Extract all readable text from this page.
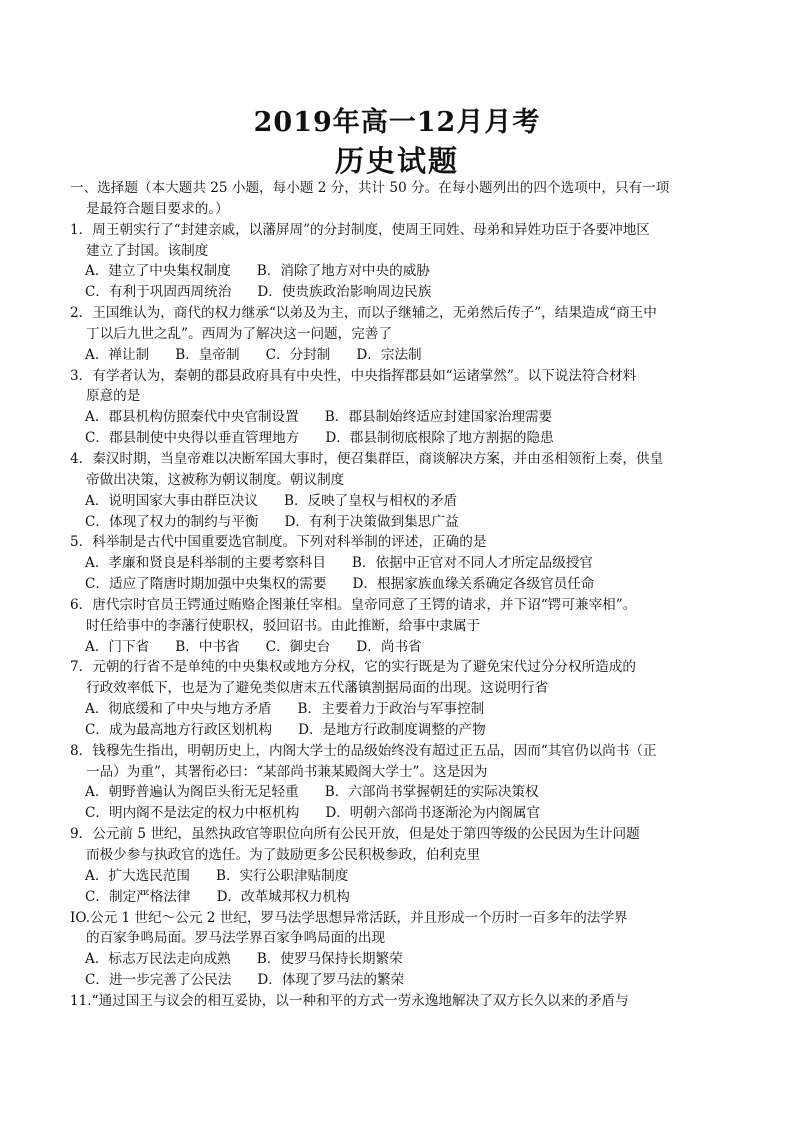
2019年高一12月月考
历史试题
一、选择题（本大题共 25 小题，每小题 2 分，共计 50 分。在每小题列出的四个选项中，只有一项
是最符合题目要求的。）
1．周王朝实行了“封建亲戚，以藩屏周”的分封制度，使周王同姓、母弟和异姓功臣于各要冲地区
建立了封国。该制度
A．建立了中央集权制度 B．消除了地方对中央的威胁
C．有利于巩固西周统治 D．使贵族政治影响周边民族
2．王国维认为，商代的权力继承“以弟及为主，而以子继辅之，无弟然后传子”，结果造成“商王中
丁以后九世之乱”。西周为了解决这一问题，完善了
A．禅让制 B．皇帝制 C．分封制 D．宗法制
3．有学者认为，秦朝的郡县政府具有中央性，中央指挥郡县如“运诸掌然”。以下说法符合材料
原意的是
A．郡县机构仿照秦代中央官制设置 B．郡县制始终适应封建国家治理需要
C．郡县制使中央得以垂直管理地方 D．郡县制彻底根除了地方割据的隐患
4．秦汉时期，当皇帝难以决断军国大事时，便召集群臣，商谈解决方案，并由丞相领衔上奏，供皇
帝做出决策，这被称为朝议制度。朝议制度
A．说明国家大事由群臣决议 B．反映了皇权与相权的矛盾
C．体现了权力的制约与平衡 D．有利于决策做到集思广益
5．科举制是古代中国重要选官制度。下列对科举制的评述，正确的是
A．孝廉和贤良是科举制的主要考察科目 B．依据中正官对不同人才所定品级授官
C．适应了隋唐时期加强中央集权的需要 D．根据家族血缘关系确定各级官员任命
6．唐代宗时官员王锷通过贿赂企图兼任宰相。皇帝同意了王锷的请求，并下诏“锷可兼宰相”。
时任给事中的李藩行使职权，驳回诏书。由此推断，给事中隶属于
A．门下省 B．中书省 C．御史台 D．尚书省
7．元朝的行省不是单纯的中央集权或地方分权，它的实行既是为了避免宋代过分分权所造成的
行政效率低下，也是为了避免类似唐末五代藩镇割据局面的出现。这说明行省
A．彻底缓和了中央与地方矛盾 B．主要着力于政治与军事控制
C．成为最高地方行政区划机构 D．是地方行政制度调整的产物
8．钱穆先生指出，明朝历史上，内阁大学士的品级始终没有超过正五品，因而“其官仍以尚书（正
一品）为重”，其署衔必曰：“某部尚书兼某殿阁大学士”。这是因为
A．朝野普遍认为阁臣头衔无足轻重 B．六部尚书掌握朝廷的实际决策权
C．明内阁不是法定的权力中枢机构 D．明朝六部尚书逐渐沦为内阁属官
9．公元前 5 世纪，虽然执政官等职位向所有公民开放，但是处于第四等级的公民因为生计问题
而极少参与执政官的选任。为了鼓励更多公民积极参政，伯利克里
A．扩大选民范围 B．实行公职津贴制度
C．制定严格法律 D．改革城邦权力机构
IO.公元 1 世纪～公元 2 世纪，罗马法学思想异常活跃，并且形成一个历时一百多年的法学界
的百家争鸣局面。罗马法学界百家争鸣局面的出现
A．标志万民法走向成熟 B．使罗马保持长期繁荣
C．进一步完善了公民法 D．体现了罗马法的繁荣
11.“通过国王与议会的相互妥协，以一种和平的方式一劳永逸地解决了双方长久以来的矛盾与
